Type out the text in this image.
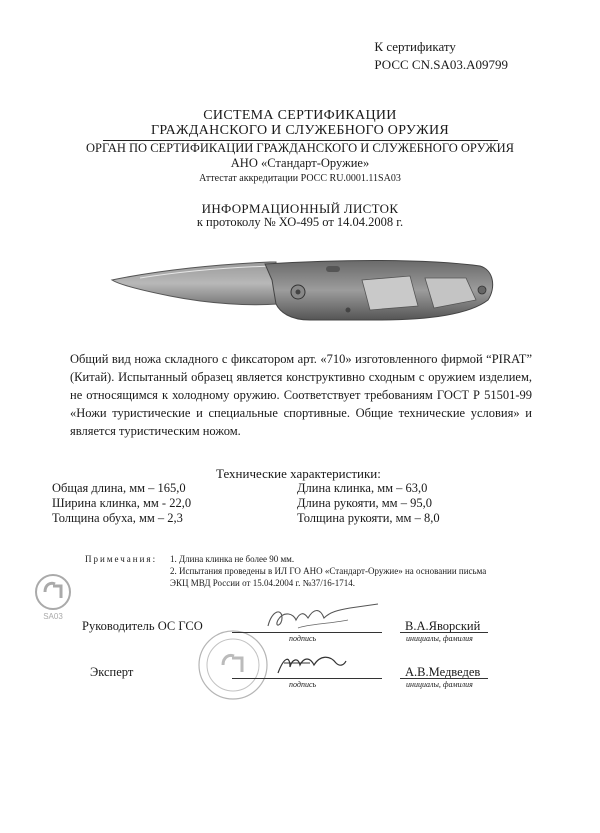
К сертификату
РОСС CN.SA03.A09799
СИСТЕМА СЕРТИФИКАЦИИ
ГРАЖДАНСКОГО И СЛУЖЕБНОГО ОРУЖИЯ
ОРГАН ПО СЕРТИФИКАЦИИ ГРАЖДАНСКОГО И СЛУЖЕБНОГО ОРУЖИЯ
АНО «Стандарт-Оружие»
Аттестат аккредитации РОСС RU.0001.11SA03
ИНФОРМАЦИОННЫЙ ЛИСТОК
к протоколу № ХО-495 от 14.04.2008 г.
Общий вид ножа складного с фиксатором арт. «710» изготовленного фирмой “PIRAT” (Китай). Испытанный образец является конструктивно сходным с оружием изделием, не относящимся к холодному оружию. Соответствует требованиям ГОСТ Р 51501-99 «Ножи туристические и специальные спортивные. Общие технические условия» и является туристическим ножом.
Технические характеристики:
Общая длина, мм – 165,0
Ширина клинка, мм - 22,0
Толщина обуха, мм – 2,3
Длина клинка, мм – 63,0
Длина рукояти, мм – 95,0
Толщина рукояти, мм – 8,0
Примечания: 1. Длина клинка не более 90 мм.
2. Испытания проведены в ИЛ ГО АНО «Стандарт-Оружие» на основании письма
ЭКЦ МВД России от 15.04.2004 г. №37/16-1714.
SA03
Руководитель ОС ГСО
подпись
В.А.Яворский
инициалы, фамилия
Эксперт
подпись
А.В.Медведев
инициалы, фамилия
